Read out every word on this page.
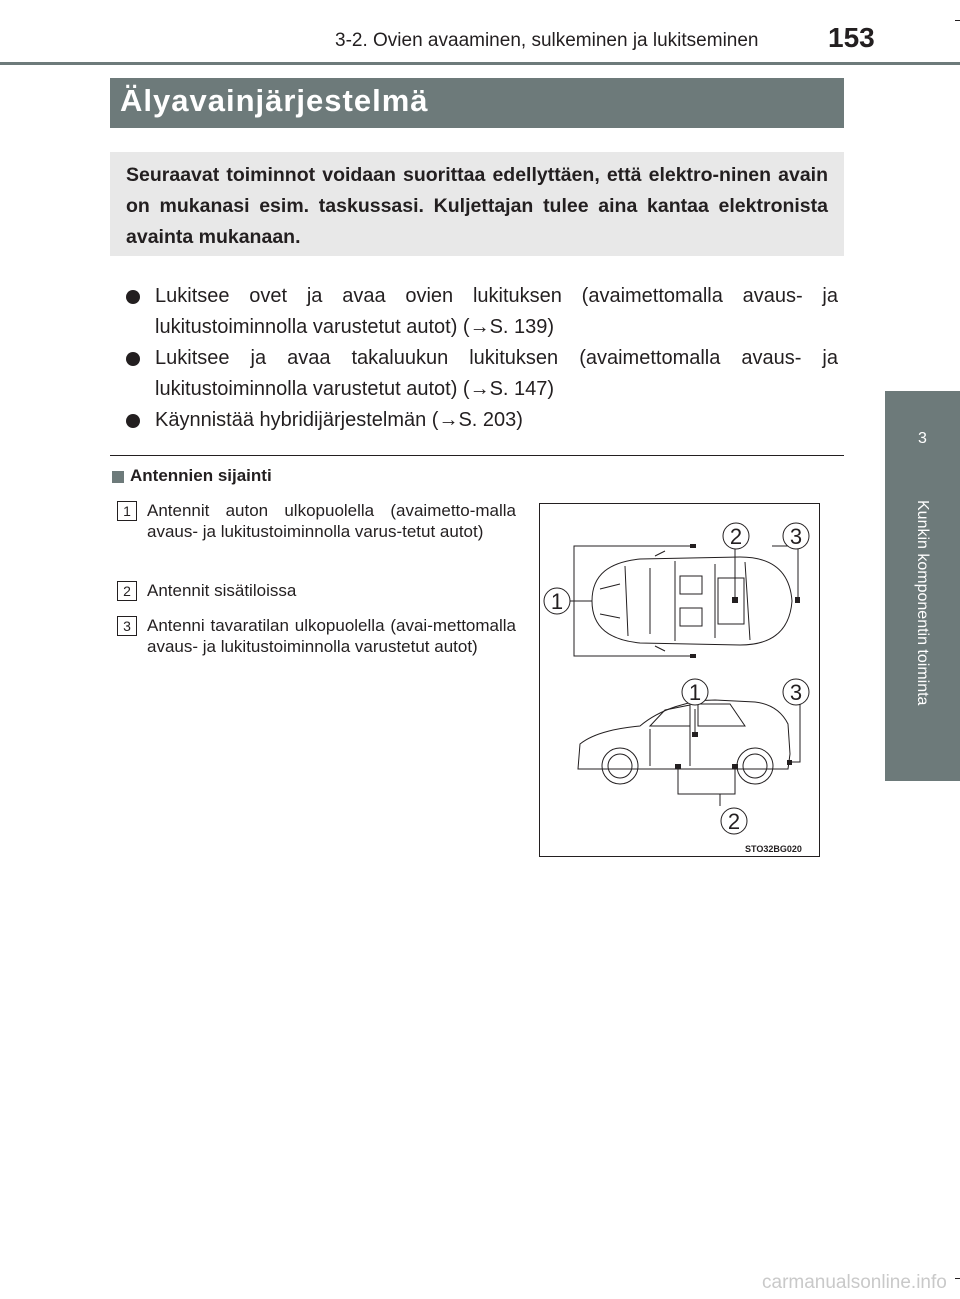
3-2. Ovien avaaminen, sulkeminen ja lukitseminen 153
3
Kunkin komponentin toiminta
Älyavainjärjestelmä
Seuraavat toiminnot voidaan suorittaa edellyttäen, että elektro-ninen avain on mukanasi esim. taskussasi. Kuljettajan tulee aina kantaa elektronista avainta mukanaan.
Lukitsee ovet ja avaa ovien lukituksen (avaimettomalla avaus- ja lukitustoiminnolla varustetut autot) (→S. 139)
Lukitsee ja avaa takaluukun lukituksen (avaimettomalla avaus- ja lukitustoiminnolla varustetut autot) (→S. 147)
Käynnistää hybridijärjestelmän (→S. 203)
Antennien sijainti
1 Antennit auton ulkopuolella (avaimetto-malla avaus- ja lukitustoiminnolla varus-tetut autot)
2 Antennit sisätiloissa
3 Antenni tavaratilan ulkopuolella (avai-mettomalla avaus- ja lukitustoiminnolla varustetut autot)
2 3
1
1	3
2
STO32BG020
carmanualsonline.info
